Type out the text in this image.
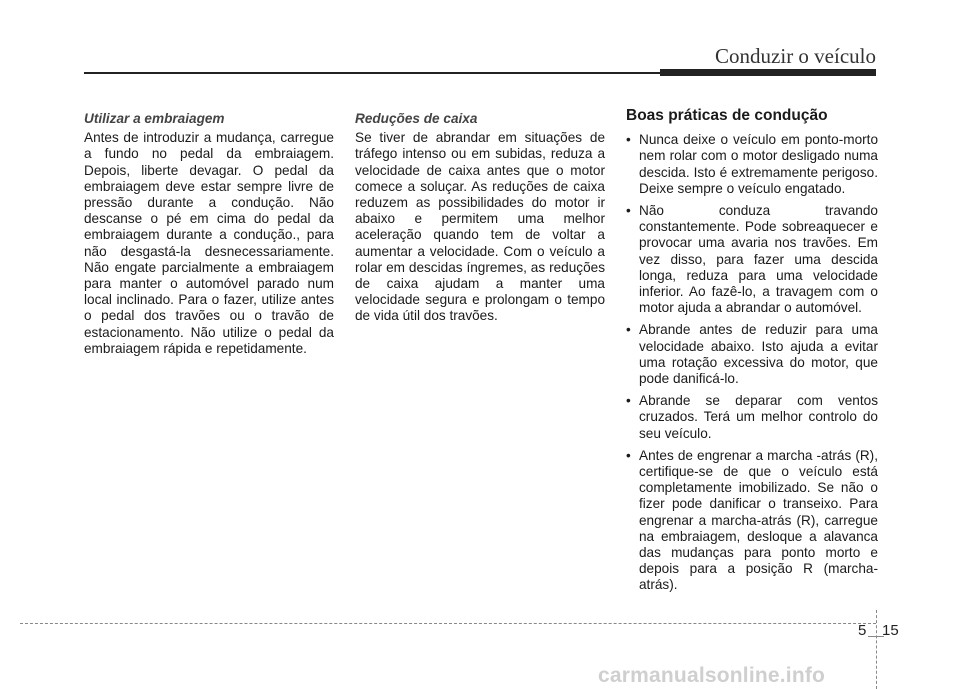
Conduzir o veículo
Utilizar a embraiagem

Antes de introduzir a mudança, carregue a fundo no pedal da embraiagem. Depois, liberte devagar. O pedal da embraiagem deve estar sempre livre de pressão durante a condução. Não descanse o pé em cima do pedal da embraiagem durante a condução., para não desgastá-la desnecessariamente. Não engate parcialmente a embraiagem para manter o automóvel parado num local inclinado. Para o fazer, utilize antes o pedal dos travões ou o travão de estacionamento. Não utilize o pedal da embraiagem rápida e repetidamente.

Reduções de caixa

Se tiver de abrandar em situações de tráfego intenso ou em subidas, reduza a velocidade de caixa antes que o motor comece a soluçar. As reduções de caixa reduzem as possibilidades do motor ir abaixo e permitem uma melhor aceleração quando tem de voltar a aumentar a velocidade. Com o veículo a rolar em descidas íngremes, as reduções de caixa ajudam a manter uma velocidade segura e prolongam o tempo de vida útil dos travões.

Boas práticas de condução
• Nunca deixe o veículo em ponto-morto nem rolar com o motor desligado numa descida. Isto é extremamente perigoso. Deixe sempre o veículo engatado.
• Não conduza travando constantemente. Pode sobreaquecer e provocar uma avaria nos travões. Em vez disso, para fazer uma descida longa, reduza para uma velocidade inferior. Ao fazê-lo, a travagem com o motor ajuda a abrandar o automóvel.
• Abrande antes de reduzir para uma velocidade abaixo. Isto ajuda a evitar uma rotação excessiva do motor, que pode danificá-lo.
• Abrande se deparar com ventos cruzados. Terá um melhor controlo do seu veículo.
• Antes de engrenar a marcha -atrás (R), certifique-se de que o veículo está completamente imobilizado. Se não o fizer pode danificar o transeixo. Para engrenar a marcha-atrás (R), carregue na embraiagem, desloque a alavanca das mudanças para ponto morto e depois para a posição R (marcha-atrás).
5 15
carmanualsonline.info
